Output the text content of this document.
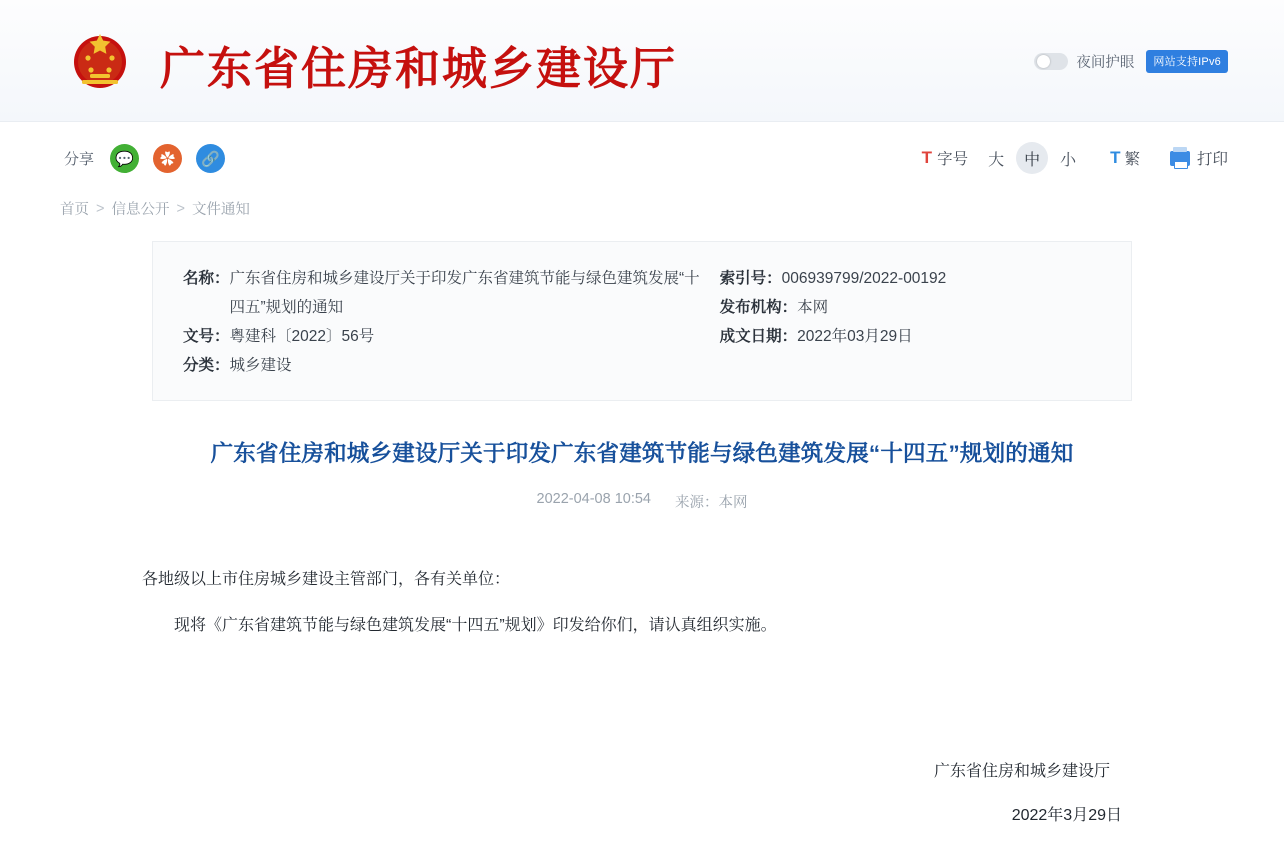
广东省住房和城乡建设厅	夜间护眼	网站支持IPv6
分享	💬	✿	🔗	 T 字号	大	中	小	T 繁	打印
首页 > 信息公开 > 文件通知
名称： 广东省住房和城乡建设厅关于印发广东省建筑节能与绿色建筑发展“十四五”规划的通知
文号： 粤建科〔2022〕56号
分类： 城乡建设
索引号： 006939799/2022-00192
发布机构： 本网
成文日期： 2022年03月29日
广东省住房和城乡建设厅关于印发广东省建筑节能与绿色建筑发展“十四五”规划的通知
2022-04-08 10:54 来源：本网

各地级以上市住房城乡建设主管部门，各有关单位：

现将《广东省建筑节能与绿色建筑发展“十四五”规划》印发给你们，请认真组织实施。

广东省住房和城乡建设厅
2022年3月29日
